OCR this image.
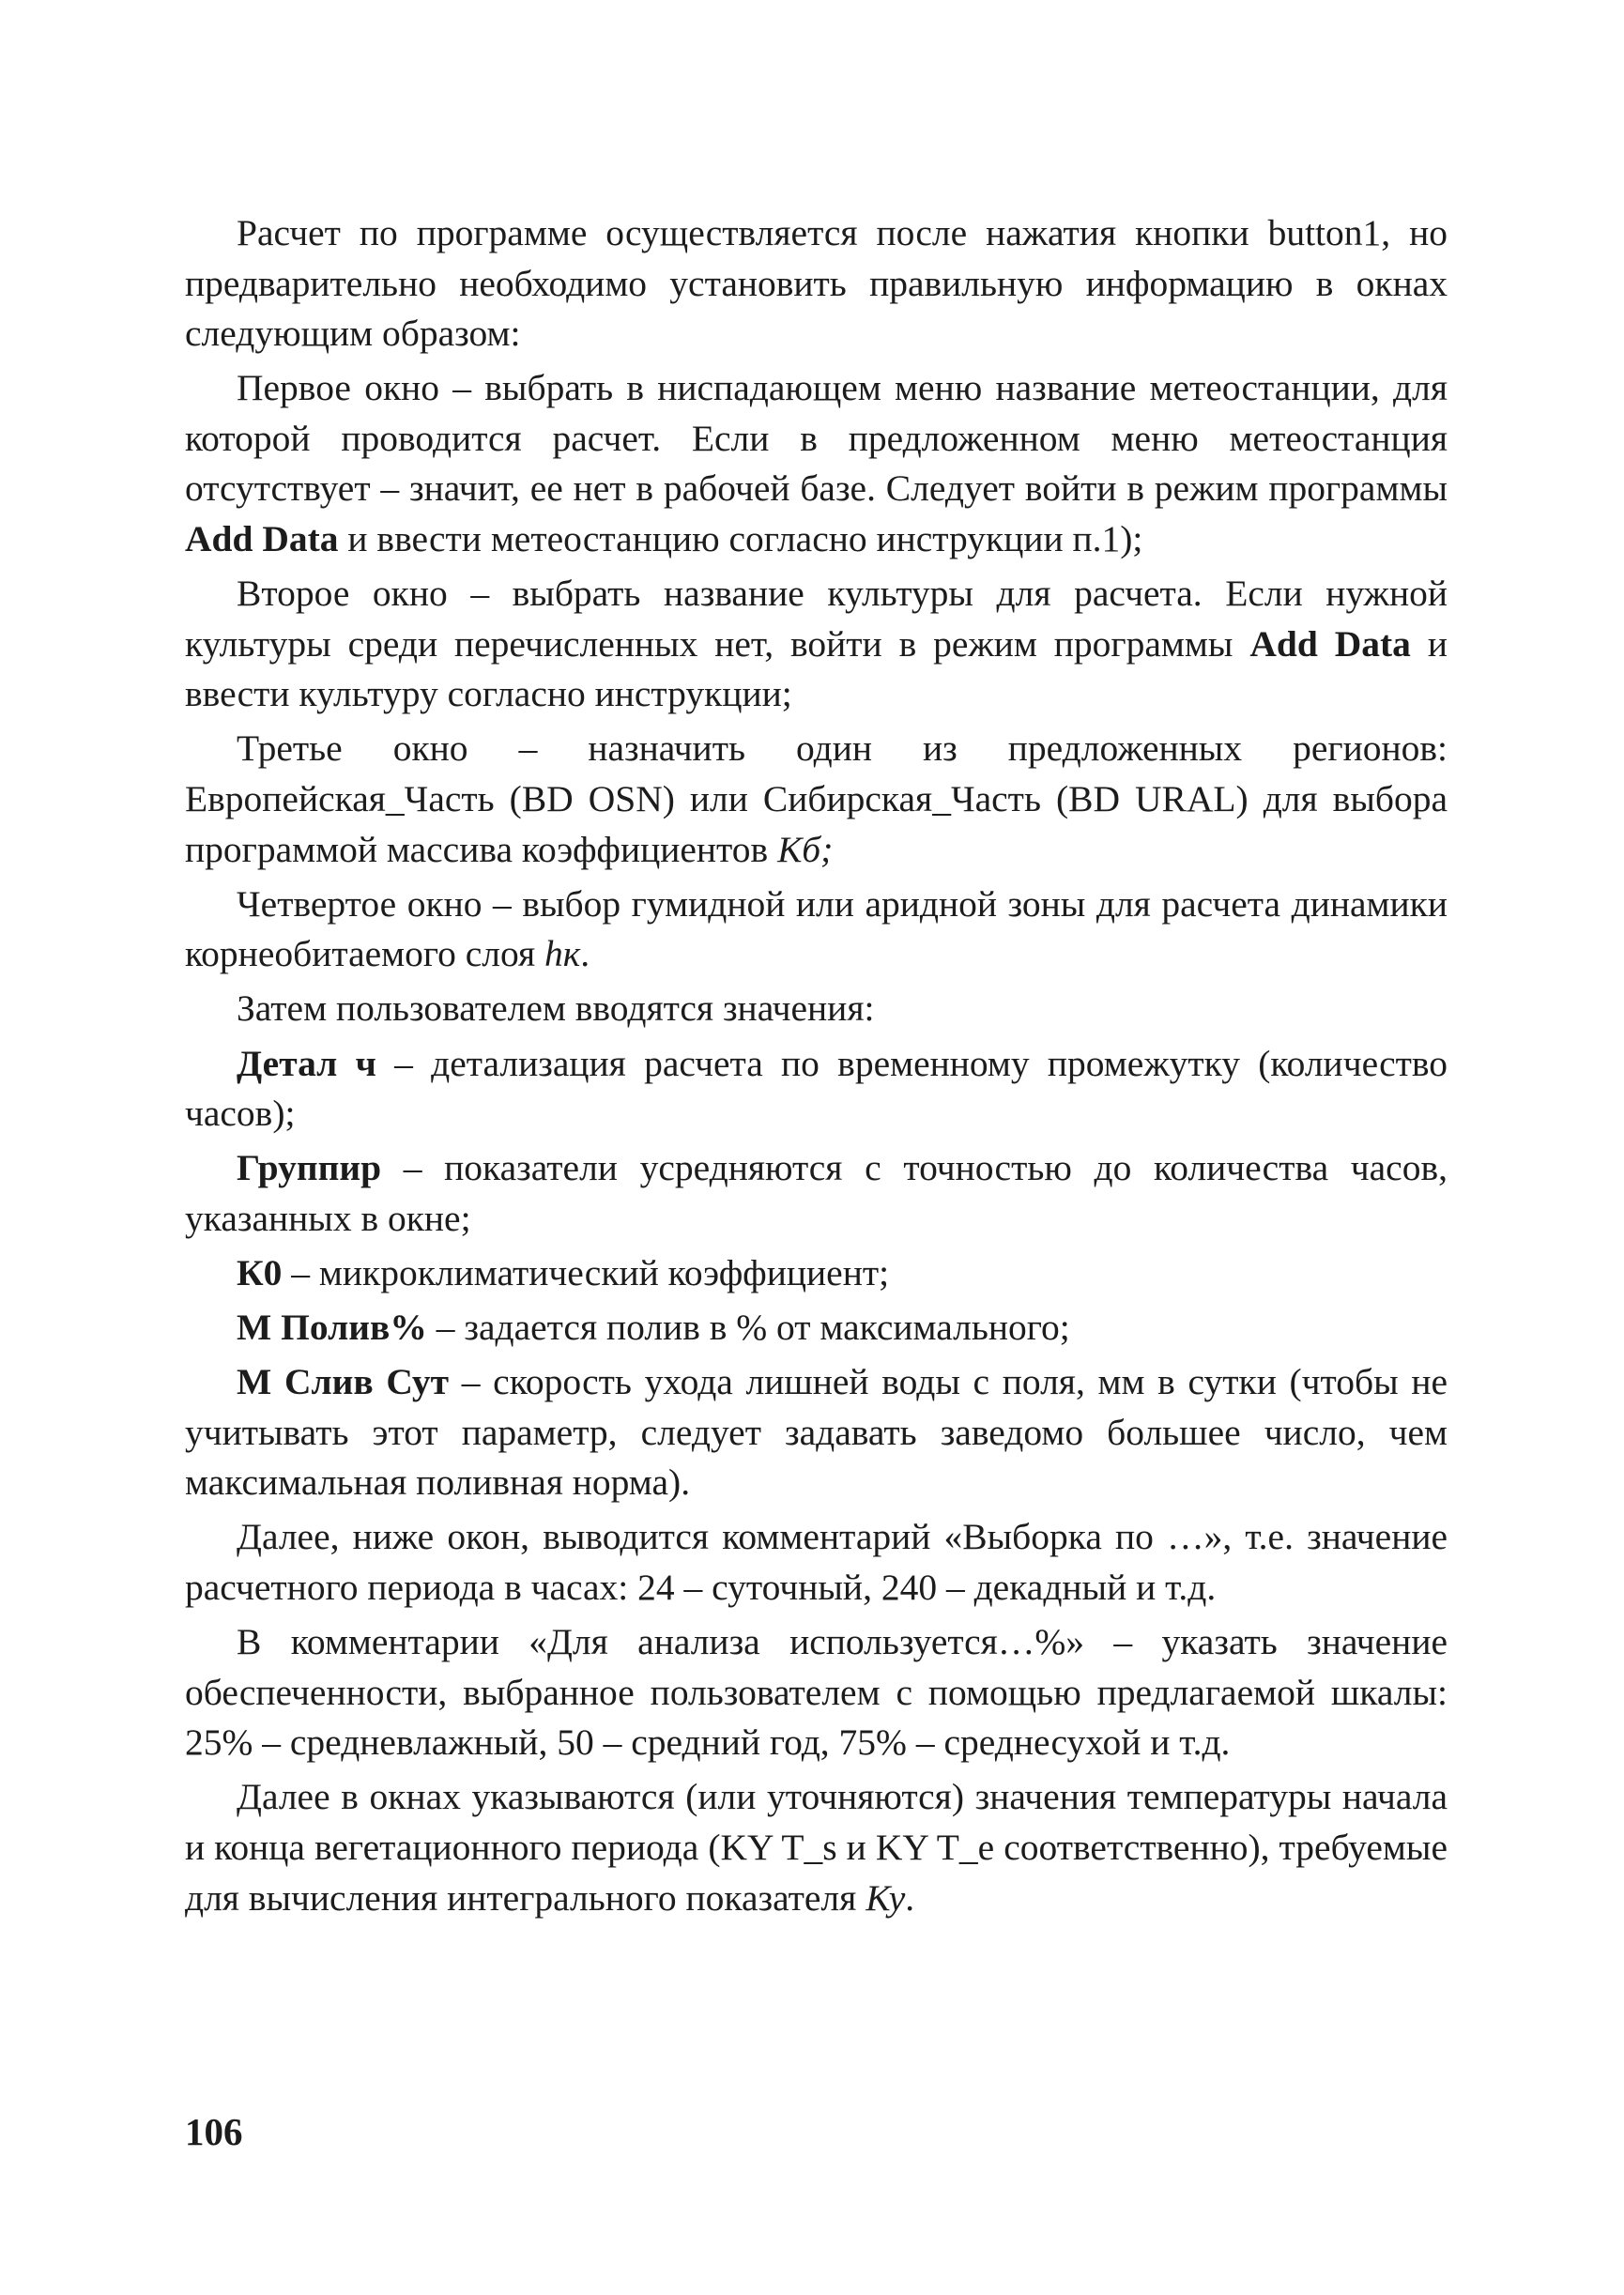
Расчет по программе осуществляется после нажатия кнопки button1, но предварительно необходимо установить правильную информацию в окнах следующим образом:

Первое окно – выбрать в ниспадающем меню название метеостанции, для которой проводится расчет. Если в предложенном меню метеостанция отсутствует – значит, ее нет в рабочей базе. Следует войти в режим программы Add Data и ввести метеостанцию согласно инструкции п.1);

Второе окно – выбрать название культуры для расчета. Если нужной культуры среди перечисленных нет, войти в режим программы Add Data и ввести культуру согласно инструкции;

Третье окно – назначить один из предложенных регионов: Европейская_Часть (BD OSN) или Сибирская_Часть (BD URAL) для выбора программой массива коэффициентов Кб;

Четвертое окно – выбор гумидной или аридной зоны для расчета динамики корнеобитаемого слоя hк.

Затем пользователем вводятся значения:

Детал ч – детализация расчета по временному промежутку (количество часов);

Группир – показатели усредняются с точностью до количества часов, указанных в окне;

К0 – микроклиматический коэффициент;

М Полив% – задается полив в % от максимального;

М Слив Сут – скорость ухода лишней воды с поля, мм в сутки (чтобы не учитывать этот параметр, следует задавать заведомо большее число, чем максимальная поливная норма).

Далее, ниже окон, выводится комментарий «Выборка по …», т.е. значение расчетного периода в часах: 24 – суточный, 240 – декадный и т.д.

В комментарии «Для анализа используется…%» – указать значение обеспеченности, выбранное пользователем с помощью предлагаемой шкалы: 25% – средневлажный, 50 – средний год, 75% – среднесухой и т.д.

Далее в окнах указываются (или уточняются) значения температуры начала и конца вегетационного периода (KY T_s и KY T_e соответственно), требуемые для вычисления интегрального показателя Ку.

106
